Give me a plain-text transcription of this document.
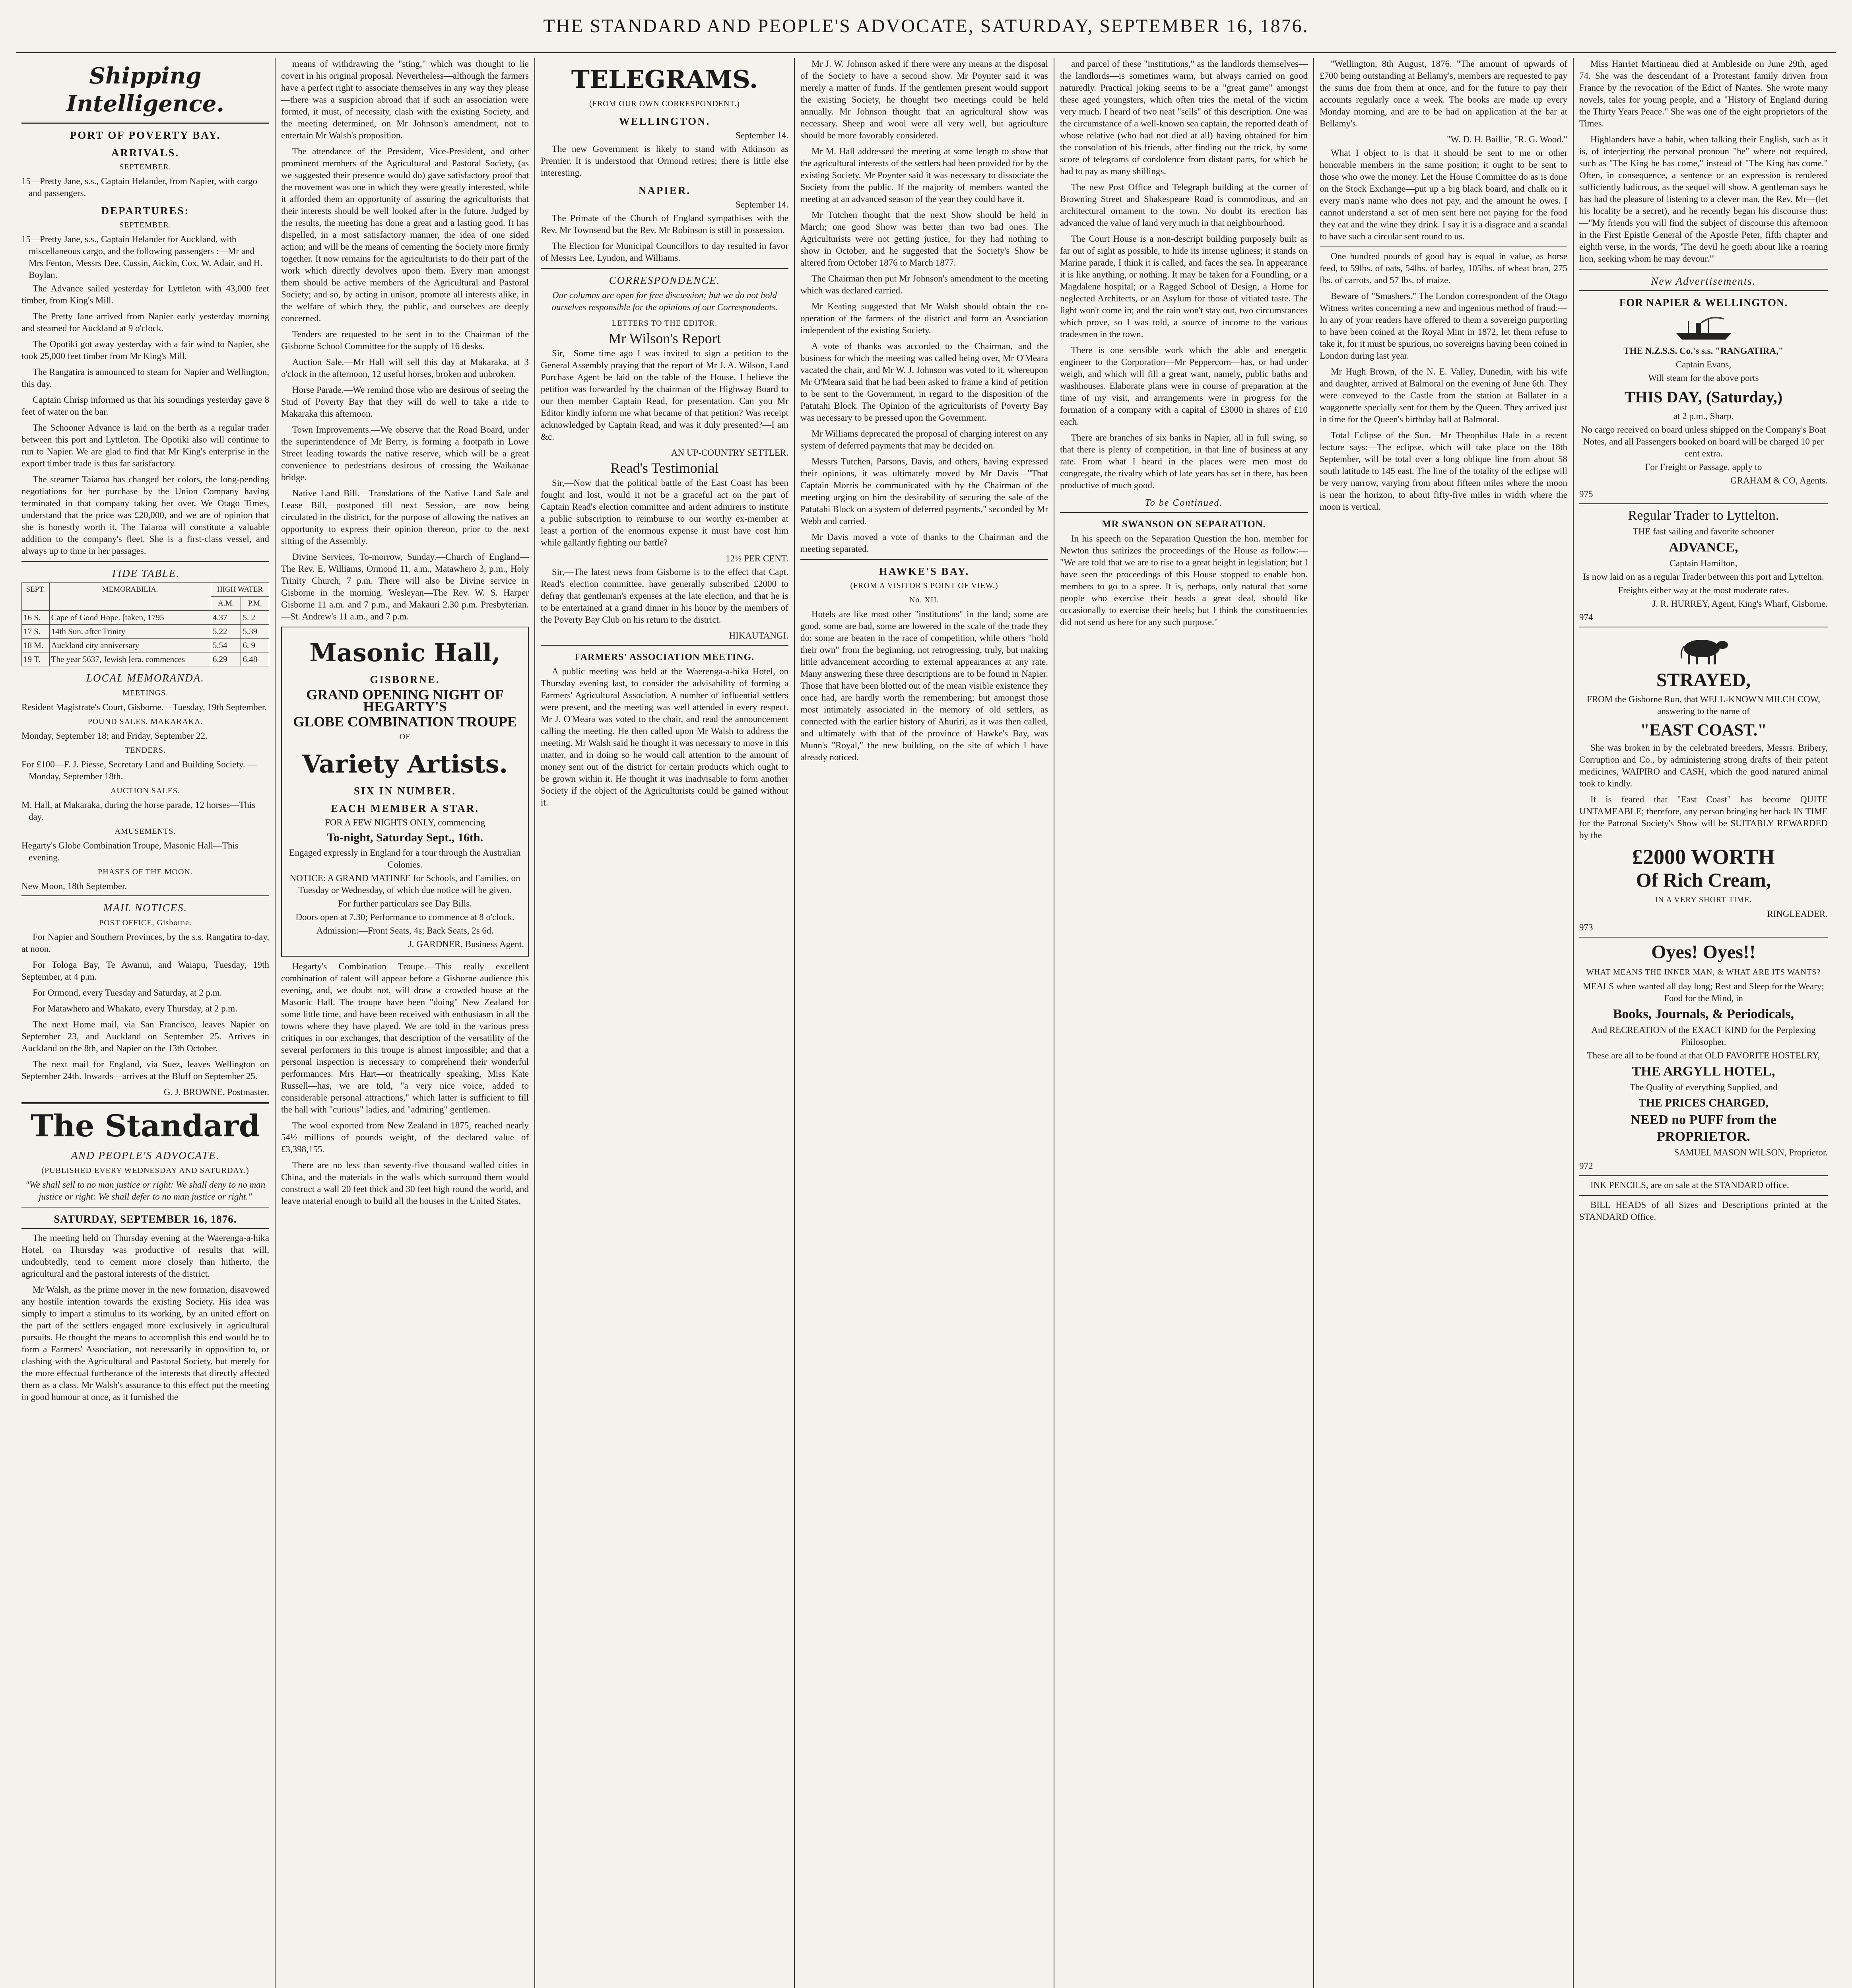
THE STANDARD AND PEOPLE'S ADVOCATE, SATURDAY, SEPTEMBER 16, 1876.
Shipping Intelligence.
PORT OF POVERTY BAY.
ARRIVALS.
SEPTEMBER.

15—Pretty Jane, s.s., Captain Helander, from Napier, with cargo and passengers.

DEPARTURES:
SEPTEMBER.

15—Pretty Jane, s.s., Captain Helander for Auckland, with miscellaneous cargo, and the following passengers :—Mr and Mrs Fenton, Messrs Dee, Cussin, Aickin, Cox, W. Adair, and H. Boylan.

The Advance sailed yesterday for Lyttleton with 43,000 feet timber, from King's Mill.

The Pretty Jane arrived from Napier early yesterday morning and steamed for Auckland at 9 o'clock.

The Opotiki got away yesterday with a fair wind to Napier, she took 25,000 feet timber from Mr King's Mill.

The Rangatira is announced to steam for Napier and Wellington, this day.

Captain Chrisp informed us that his soundings yesterday gave 8 feet of water on the bar.

The Schooner Advance is laid on the berth as a regular trader between this port and Lyttleton. The Opotiki also will continue to run to Napier. We are glad to find that Mr King's enterprise in the export timber trade is thus far satisfactory.

The steamer Taiaroa has changed her colors, the long-pending negotiations for her purchase by the Union Company having terminated in that company taking her over. We Otago Times, understand that the price was £20,000, and we are of opinion that she is honestly worth it. The Taiaroa will constitute a valuable addition to the company's fleet. She is a first-class vessel, and always up to time in her passages.

TIDE TABLE.
SEPT.	MEMORABILIA.	HIGH WATER	
		A.M.	P.M.
16 S.	Cape of Good Hope. [taken, 1795	4.37	5. 2
17 S.	14th Sun. after Trinity	5.22	5.39
18 M.	Auckland city anniversary	5.54	6. 9
19 T.	The year 5637, Jewish [era. commences	6.29	6.48
LOCAL MEMORANDA.
MEETINGS.

Resident Magistrate's Court, Gisborne.—Tuesday, 19th September.

POUND SALES. MAKARAKA.

Monday, September 18; and Friday, September 22.

TENDERS.

For £100—F. J. Piesse, Secretary Land and Building Society. — Monday, September 18th.

AUCTION SALES.

M. Hall, at Makaraka, during the horse parade, 12 horses—This day.

AMUSEMENTS.

Hegarty's Globe Combination Troupe, Masonic Hall—This evening.

PHASES OF THE MOON.

New Moon, 18th September.

MAIL NOTICES.
POST OFFICE, Gisborne.

For Napier and Southern Provinces, by the s.s. Rangatira to-day, at noon.

For Tologa Bay, Te Awanui, and Waiapu, Tuesday, 19th September, at 4 p.m.

For Ormond, every Tuesday and Saturday, at 2 p.m.

For Matawhero and Whakato, every Thursday, at 2 p.m.

The next Home mail, via San Francisco, leaves Napier on September 23, and Auckland on September 25. Arrives in Auckland on the 8th, and Napier on the 13th October.

The next mail for England, via Suez, leaves Wellington on September 24th. Inwards—arrives at the Bluff on September 25.

G. J. BROWNE, Postmaster.
The Standard
AND PEOPLE'S ADVOCATE.
(PUBLISHED EVERY WEDNESDAY AND SATURDAY.)

"We shall sell to no man justice or right: We shall deny to no man justice or right: We shall defer to no man justice or right."

SATURDAY, SEPTEMBER 16, 1876.

The meeting held on Thursday evening at the Waerenga-a-hika Hotel, on Thursday was productive of results that will, undoubtedly, tend to cement more closely than hitherto, the agricultural and the pastoral interests of the district.

Mr Walsh, as the prime mover in the new formation, disavowed any hostile intention towards the existing Society. His idea was simply to impart a stimulus to its working, by an united effort on the part of the settlers engaged more exclusively in agricultural pursuits. He thought the means to accomplish this end would be to form a Farmers' Association, not necessarily in opposition to, or clashing with the Agricultural and Pastoral Society, but merely for the more effectual furtherance of the interests that directly affected them as a class. Mr Walsh's assurance to this effect put the meeting in good humour at once, as it furnished the

means of withdrawing the "sting," which was thought to lie covert in his original proposal. Nevertheless—although the farmers have a perfect right to associate themselves in any way they please—there was a suspicion abroad that if such an association were formed, it must, of necessity, clash with the existing Society, and the meeting determined, on Mr Johnson's amendment, not to entertain Mr Walsh's proposition.

The attendance of the President, Vice-President, and other prominent members of the Agricultural and Pastoral Society, (as we suggested their presence would do) gave satisfactory proof that the movement was one in which they were greatly interested, while it afforded them an opportunity of assuring the agriculturists that their interests should be well looked after in the future. Judged by the results, the meeting has done a great and a lasting good. It has dispelled, in a most satisfactory manner, the idea of one sided action; and will be the means of cementing the Society more firmly together. It now remains for the agriculturists to do their part of the work which directly devolves upon them. Every man amongst them should be active members of the Agricultural and Pastoral Society; and so, by acting in unison, promote all interests alike, in the welfare of which they, the public, and ourselves are deeply concerned.

Tenders are requested to be sent in to the Chairman of the Gisborne School Committee for the supply of 16 desks.

Auction Sale.—Mr Hall will sell this day at Makaraka, at 3 o'clock in the afternoon, 12 useful horses, broken and unbroken.

Horse Parade.—We remind those who are desirous of seeing the Stud of Poverty Bay that they will do well to take a ride to Makaraka this afternoon.

Town Improvements.—We observe that the Road Board, under the superintendence of Mr Berry, is forming a footpath in Lowe Street leading towards the native reserve, which will be a great convenience to pedestrians desirous of crossing the Waikanae bridge.

Native Land Bill.—Translations of the Native Land Sale and Lease Bill,—postponed till next Session,—are now being circulated in the district, for the purpose of allowing the natives an opportunity to express their opinion thereon, prior to the next sitting of the Assembly.

Divine Services, To-morrow, Sunday.—Church of England—The Rev. E. Williams, Ormond 11, a.m., Matawhero 3, p.m., Holy Trinity Church, 7 p.m. There will also be Divine service in Gisborne in the morning. Wesleyan—The Rev. W. S. Harper Gisborne 11 a.m. and 7 p.m., and Makauri 2.30 p.m. Presbyterian.—St. Andrew's 11 a.m., and 7 p.m.

Masonic Hall,
GISBORNE.
GRAND OPENING NIGHT OF HEGARTY'S
GLOBE COMBINATION TROUPE
OF
Variety Artists.
SIX IN NUMBER.
EACH MEMBER A STAR.
FOR A FEW NIGHTS ONLY, commencing
To-night, Saturday Sept., 16th.
Engaged expressly in England for a tour through the Australian Colonies.
NOTICE: A GRAND MATINEE for Schools, and Families, on Tuesday or Wednesday, of which due notice will be given.
For further particulars see Day Bills.
Doors open at 7.30; Performance to commence at 8 o'clock.
Admission:—Front Seats, 4s; Back Seats, 2s 6d.
J. GARDNER, Business Agent.

Hegarty's Combination Troupe.—This really excellent combination of talent will appear before a Gisborne audience this evening, and, we doubt not, will draw a crowded house at the Masonic Hall. The troupe have been "doing" New Zealand for some little time, and have been received with enthusiasm in all the towns where they have played. We are told in the various press critiques in our exchanges, that description of the versatility of the several performers in this troupe is almost impossible; and that a personal inspection is necessary to comprehend their wonderful performances. Mrs Hart—or theatrically speaking, Miss Kate Russell—has, we are told, "a very nice voice, added to considerable personal attractions," which latter is sufficient to fill the hall with "curious" ladies, and "admiring" gentlemen.

The wool exported from New Zealand in 1875, reached nearly 54½ millions of pounds weight, of the declared value of £3,398,155.

There are no less than seventy-five thousand walled cities in China, and the materials in the walls which surround them would construct a wall 20 feet thick and 30 feet high round the world, and leave material enough to build all the houses in the United States.

TELEGRAMS.
(FROM OUR OWN CORRESPONDENT.)
WELLINGTON.
September 14.

The new Government is likely to stand with Atkinson as Premier. It is understood that Ormond retires; there is little else interesting.

NAPIER.
September 14.

The Primate of the Church of England sympathises with the Rev. Mr Townsend but the Rev. Mr Robinson is still in possession.

The Election for Municipal Councillors to day resulted in favor of Messrs Lee, Lyndon, and Williams.

CORRESPONDENCE.

Our columns are open for free discussion; but we do not hold ourselves responsible for the opinions of our Correspondents.

LETTERS TO THE EDITOR.
Mr Wilson's Report

Sir,—Some time ago I was invited to sign a petition to the General Assembly praying that the report of Mr J. A. Wilson, Land Purchase Agent be laid on the table of the House, I believe the petition was forwarded by the chairman of the Highway Board to our then member Captain Read, for presentation. Can you Mr Editor kindly inform me what became of that petition? Was receipt acknowledged by Captain Read, and was it duly presented?—I am &c.

AN UP-COUNTRY SETTLER.
Read's Testimonial

Sir,—Now that the political battle of the East Coast has been fought and lost, would it not be a graceful act on the part of Captain Read's election committee and ardent admirers to institute a public subscription to reimburse to our worthy ex-member at least a portion of the enormous expense it must have cost him while gallantly fighting our battle?

12½ PER CENT.

Sir,—The latest news from Gisborne is to the effect that Capt. Read's election committee, have generally subscribed £2000 to defray that gentleman's expenses at the late election, and that he is to be entertained at a grand dinner in his honor by the members of the Poverty Bay Club on his return to the district.

HIKAUTANGI.
FARMERS' ASSOCIATION MEETING.

A public meeting was held at the Waerenga-a-hika Hotel, on Thursday evening last, to consider the advisability of forming a Farmers' Agricultural Association. A number of influential settlers were present, and the meeting was well attended in every respect. Mr J. O'Meara was voted to the chair, and read the announcement calling the meeting. He then called upon Mr Walsh to address the meeting. Mr Walsh said he thought it was necessary to move in this matter, and in doing so he would call attention to the amount of money sent out of the district for certain products which ought to be grown within it. He thought it was inadvisable to form another Society if the object of the Agriculturists could be gained without it.

Mr J. W. Johnson asked if there were any means at the disposal of the Society to have a second show. Mr Poynter said it was merely a matter of funds. If the gentlemen present would support the existing Society, he thought two meetings could be held annually. Mr Johnson thought that an agricultural show was necessary. Sheep and wool were all very well, but agriculture should be more favorably considered.

Mr M. Hall addressed the meeting at some length to show that the agricultural interests of the settlers had been provided for by the existing Society. Mr Poynter said it was necessary to dissociate the Society from the public. If the majority of members wanted the meeting at an advanced season of the year they could have it.

Mr Tutchen thought that the next Show should be held in March; one good Show was better than two bad ones. The Agriculturists were not getting justice, for they had nothing to show in October, and he suggested that the Society's Show be altered from October 1876 to March 1877.

The Chairman then put Mr Johnson's amendment to the meeting which was declared carried.

Mr Keating suggested that Mr Walsh should obtain the co-operation of the farmers of the district and form an Association independent of the existing Society.

A vote of thanks was accorded to the Chairman, and the business for which the meeting was called being over, Mr O'Meara vacated the chair, and Mr W. J. Johnson was voted to it, whereupon Mr O'Meara said that he had been asked to frame a kind of petition to be sent to the Government, in regard to the disposition of the Patutahi Block. The Opinion of the agriculturists of Poverty Bay was necessary to be pressed upon the Government.

Mr Williams deprecated the proposal of charging interest on any system of deferred payments that may be decided on.

Messrs Tutchen, Parsons, Davis, and others, having expressed their opinions, it was ultimately moved by Mr Davis—"That Captain Morris be communicated with by the Chairman of the meeting urging on him the desirability of securing the sale of the Patutahi Block on a system of deferred payments," seconded by Mr Webb and carried.

Mr Davis moved a vote of thanks to the Chairman and the meeting separated.

HAWKE'S BAY.
(FROM A VISITOR'S POINT OF VIEW.)
No. XII.

Hotels are like most other "institutions" in the land; some are good, some are bad, some are lowered in the scale of the trade they do; some are beaten in the race of competition, while others "hold their own" from the beginning, not retrogressing, truly, but making little advancement according to external appearances at any rate. Many answering these three descriptions are to be found in Napier. Those that have been blotted out of the mean visible existence they once had, are hardly worth the remembering; but amongst those most intimately associated in the memory of old settlers, as connected with the earlier history of Ahuriri, as it was then called, and ultimately with that of the province of Hawke's Bay, was Munn's "Royal," the new building, on the site of which I have already noticed.

and parcel of these "institutions," as the landlords themselves—the landlords—is sometimes warm, but always carried on good naturedly. Practical joking seems to be a "great game" amongst these aged youngsters, which often tries the metal of the victim very much. I heard of two neat "sells" of this description. One was the circumstance of a well-known sea captain, the reported death of whose relative (who had not died at all) having obtained for him the consolation of his friends, after finding out the trick, by some score of telegrams of condolence from distant parts, for which he had to pay as many shillings.

The new Post Office and Telegraph building at the corner of Browning Street and Shakespeare Road is commodious, and an architectural ornament to the town. No doubt its erection has advanced the value of land very much in that neighbourhood.

The Court House is a non-descript building purposely built as far out of sight as possible, to hide its intense ugliness; it stands on Marine parade, I think it is called, and faces the sea. In appearance it is like anything, or nothing. It may be taken for a Foundling, or a Magdalene hospital; or a Ragged School of Design, a Home for neglected Architects, or an Asylum for those of vitiated taste. The light won't come in; and the rain won't stay out, two circumstances which prove, so I was told, a source of income to the various tradesmen in the town.

There is one sensible work which the able and energetic engineer to the Corporation—Mr Peppercorn—has, or had under weigh, and which will fill a great want, namely, public baths and washhouses. Elaborate plans were in course of preparation at the time of my visit, and arrangements were in progress for the formation of a company with a capital of £3000 in shares of £10 each.

There are branches of six banks in Napier, all in full swing, so that there is plenty of competition, in that line of business at any rate. From what I heard in the places were men most do congregate, the rivalry which of late years has set in there, has been productive of much good.

To be Continued.
MR SWANSON ON SEPARATION.

In his speech on the Separation Question the hon. member for Newton thus satirizes the proceedings of the House as follow:— "We are told that we are to rise to a great height in legislation; but I have seen the proceedings of this House stopped to enable hon. members to go to a spree. It is, perhaps, only natural that some people who exercise their heads a great deal, should like occasionally to exercise their heels; but I think the constituencies did not send us here for any such purpose."

"Wellington, 8th August, 1876. "The amount of upwards of £700 being outstanding at Bellamy's, members are requested to pay the sums due from them at once, and for the future to pay their accounts regularly once a week. The books are made up every Monday morning, and are to be had on application at the bar at Bellamy's.

"W. D. H. Baillie, "R. G. Wood."

What I object to is that it should be sent to me or other honorable members in the same position; it ought to be sent to those who owe the money. Let the House Committee do as is done on the Stock Exchange—put up a big black board, and chalk on it every man's name who does not pay, and the amount he owes. I cannot understand a set of men sent here not paying for the food they eat and the wine they drink. I say it is a disgrace and a scandal to have such a circular sent round to us.

One hundred pounds of good hay is equal in value, as horse feed, to 59lbs. of oats, 54lbs. of barley, 105lbs. of wheat bran, 275 lbs. of carrots, and 57 lbs. of maize.

Beware of "Smashers." The London correspondent of the Otago Witness writes concerning a new and ingenious method of fraud:—In any of your readers have offered to them a sovereign purporting to have been coined at the Royal Mint in 1872, let them refuse to take it, for it must be spurious, no sovereigns having been coined in London during last year.

Mr Hugh Brown, of the N. E. Valley, Dunedin, with his wife and daughter, arrived at Balmoral on the evening of June 6th. They were conveyed to the Castle from the station at Ballater in a waggonette specially sent for them by the Queen. They arrived just in time for the Queen's birthday ball at Balmoral.

Total Eclipse of the Sun.—Mr Theophilus Hale in a recent lecture says:—The eclipse, which will take place on the 18th September, will be total over a long oblique line from about 58 south latitude to 145 east. The line of the totality of the eclipse will be very narrow, varying from about fifteen miles where the moon is near the horizon, to about fifty-five miles in width where the moon is vertical.

Miss Harriet Martineau died at Ambleside on June 29th, aged 74. She was the descendant of a Protestant family driven from France by the revocation of the Edict of Nantes. She wrote many novels, tales for young people, and a "History of England during the Thirty Years Peace." She was one of the eight proprietors of the Times.

Highlanders have a habit, when talking their English, such as it is, of interjecting the personal pronoun "he" where not required, such as "The King he has come," instead of "The King has come." Often, in consequence, a sentence or an expression is rendered sufficiently ludicrous, as the sequel will show. A gentleman says he has had the pleasure of listening to a clever man, the Rev. Mr—(let his locality be a secret), and he recently began his discourse thus:—"My friends you will find the subject of discourse this afternoon in the First Epistle General of the Apostle Peter, fifth chapter and eighth verse, in the words, 'The devil he goeth about like a roaring lion, seeking whom he may devour.'"

New Advertisements.
FOR NAPIER & WELLINGTON.
THE N.Z.S.S. Co.'s s.s. "RANGATIRA,"
Captain Evans,
Will steam for the above ports
THIS DAY, (Saturday,)
at 2 p.m., Sharp.
No cargo received on board unless shipped on the Company's Boat Notes, and all Passengers booked on board will be charged 10 per cent extra.
For Freight or Passage, apply to
GRAHAM & CO, Agents.
975
Regular Trader to Lyttelton.
THE fast sailing and favorite schooner
ADVANCE,
Captain Hamilton,
Is now laid on as a regular Trader between this port and Lyttelton.
Freights either way at the most moderate rates.
J. R. HURREY, Agent, King's Wharf, Gisborne.
974
STRAYED,
FROM the Gisborne Run, that WELL-KNOWN MILCH COW, answering to the name of
"EAST COAST."

She was broken in by the celebrated breeders, Messrs. Bribery, Corruption and Co., by administering strong drafts of their patent medicines, WAIPIRO and CASH, which the good natured animal took to kindly.

It is feared that "East Coast" has become QUITE UNTAMEABLE; therefore, any person bringing her back IN TIME for the Patronal Society's Show will be SUITABLY REWARDED by the

£2000 WORTH
Of Rich Cream,
IN A VERY SHORT TIME.
RINGLEADER.
973
Oyes! Oyes!!
WHAT MEANS THE INNER MAN, & WHAT ARE ITS WANTS?
MEALS when wanted all day long; Rest and Sleep for the Weary; Food for the Mind, in
Books, Journals, & Periodicals,
And RECREATION of the EXACT KIND for the Perplexing Philosopher.
These are all to be found at that OLD FAVORITE HOSTELRY,
THE ARGYLL HOTEL,
The Quality of everything Supplied, and
THE PRICES CHARGED,
NEED no PUFF from the
PROPRIETOR.
SAMUEL MASON WILSON, Proprietor.
972

INK PENCILS, are on sale at the STANDARD office.

BILL HEADS of all Sizes and Descriptions printed at the STANDARD Office.
